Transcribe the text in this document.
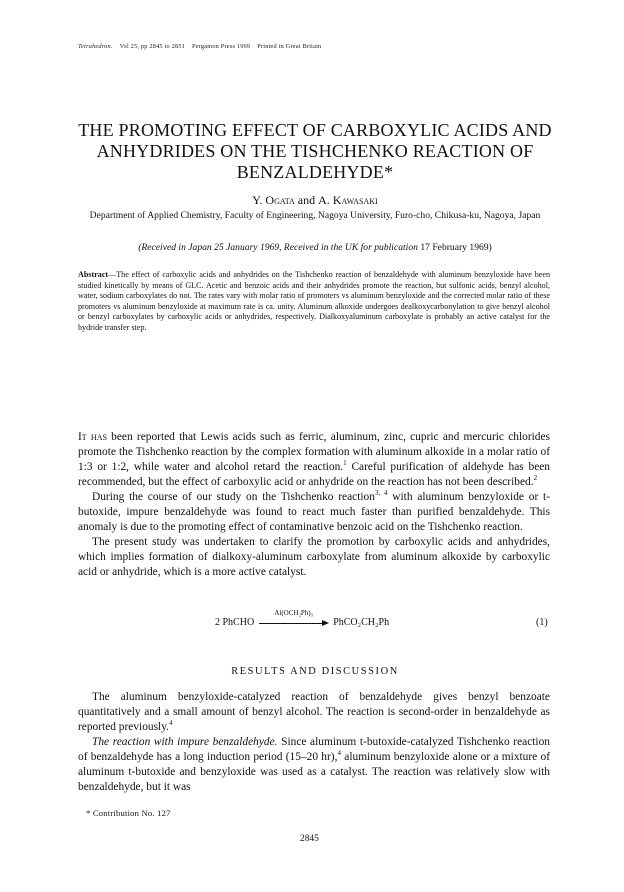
Tetrahedron. Vol 25, pp 2845 to 2851 Pergamon Press 1969 Printed in Great Britain
THE PROMOTING EFFECT OF CARBOXYLIC ACIDS AND ANHYDRIDES ON THE TISHCHENKO REACTION OF BENZALDEHYDE*
Y. Ogata and A. Kawasaki
Department of Applied Chemistry, Faculty of Engineering, Nagoya University, Furo-cho, Chikusa-ku, Nagoya, Japan
(Received in Japan 25 January 1969, Received in the UK for publication 17 February 1969)
Abstract—The effect of carboxylic acids and anhydrides on the Tishchenko reaction of benzaldehyde with aluminum benzyloxide have been studied kinetically by means of GLC. Acetic and benzoic acids and their anhydrides promote the reaction, but sulfonic acids, benzyl alcohol, water, sodium carboxylates do not. The rates vary with molar ratio of promoters vs aluminum benzyloxide and the corrected molar ratio of these promoters vs aluminum benzyloxide at maximum rate is ca. unity. Aluminum alkoxide undergoes dealkoxycarbonylation to give benzyl alcohol or benzyl carboxylates by carboxylic acids or anhydrides, respectively. Dialkoxyaluminum carboxylate is probably an active catalyst for the hydride transfer step.

It has been reported that Lewis acids such as ferric, aluminum, zinc, cupric and mercuric chlorides promote the Tishchenko reaction by the complex formation with aluminum alkoxide in a molar ratio of 1:3 or 1:2, while water and alcohol retard the reaction.$^1$ Careful purification of aldehyde has been recommended, but the effect of carboxylic acid or anhydride on the reaction has not been described.$^2$

During the course of our study on the Tishchenko reaction$^{3, 4}$ with aluminum benzyloxide or t-butoxide, impure benzaldehyde was found to react much faster than purified benzaldehyde. This anomaly is due to the promoting effect of contaminative benzoic acid on the Tishchenko reaction.

The present study was undertaken to clarify the promotion by carboxylic acids and anhydrides, which implies formation of dialkoxy-aluminum carboxylate from aluminum alkoxide by carboxylic acid or anhydride, which is a more active catalyst.

2 PhCHO
Al(OCH₂Ph)₃
PhCO₂CH₂Ph	(1)
RESULTS AND DISCUSSION

The aluminum benzyloxide-catalyzed reaction of benzaldehyde gives benzyl benzoate quantitatively and a small amount of benzyl alcohol. The reaction is second-order in benzaldehyde as reported previously.$^4$

The reaction with impure benzaldehyde. Since aluminum t-butoxide-catalyzed Tishchenko reaction of benzaldehyde has a long induction period (15–20 hr),$^4$ aluminum benzyloxide alone or a mixture of aluminum t-butoxide and benzyloxide was used as a catalyst. The reaction was relatively slow with benzaldehyde, but it was

* Contribution No. 127
2845
